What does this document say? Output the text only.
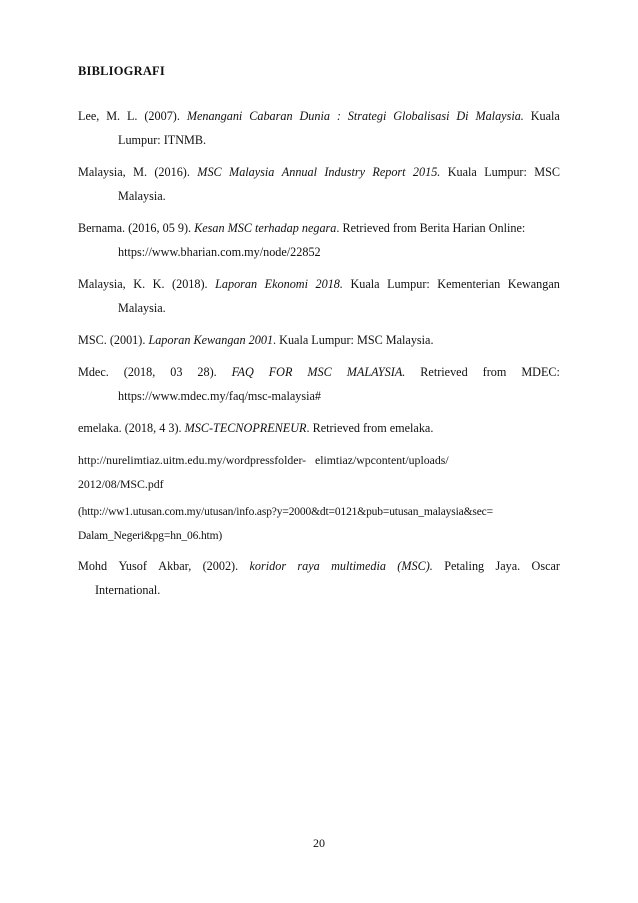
BIBLIOGRAFI
Lee, M. L. (2007). Menangani Cabaran Dunia : Strategi Globalisasi Di Malaysia. Kuala
Lumpur: ITNMB.
Malaysia, M. (2016). MSC Malaysia Annual Industry Report 2015. Kuala Lumpur: MSC
Malaysia.
Bernama. (2016, 05 9). Kesan MSC terhadap negara. Retrieved from Berita Harian Online:
https://www.bharian.com.my/node/22852
Malaysia, K. K. (2018). Laporan Ekonomi 2018. Kuala Lumpur: Kementerian Kewangan
Malaysia.
MSC. (2001). Laporan Kewangan 2001. Kuala Lumpur: MSC Malaysia.
Mdec. (2018, 03 28). FAQ FOR MSC MALAYSIA. Retrieved from MDEC:
https://www.mdec.my/faq/msc-malaysia#
emelaka. (2018, 4 3). MSC-TECNOPRENEUR. Retrieved from emelaka.
http://nurelimtiaz.uitm.edu.my/wordpressfolder-   elimtiaz/wpcontent/uploads/
2012/08/MSC.pdf
(http://ww1.utusan.com.my/utusan/info.asp?y=2000&dt=0121&pub=utusan_malaysia&sec=
Dalam_Negeri&pg=hn_06.htm)
Mohd Yusof Akbar, (2002). koridor raya multimedia (MSC). Petaling Jaya. Oscar
International.
20
